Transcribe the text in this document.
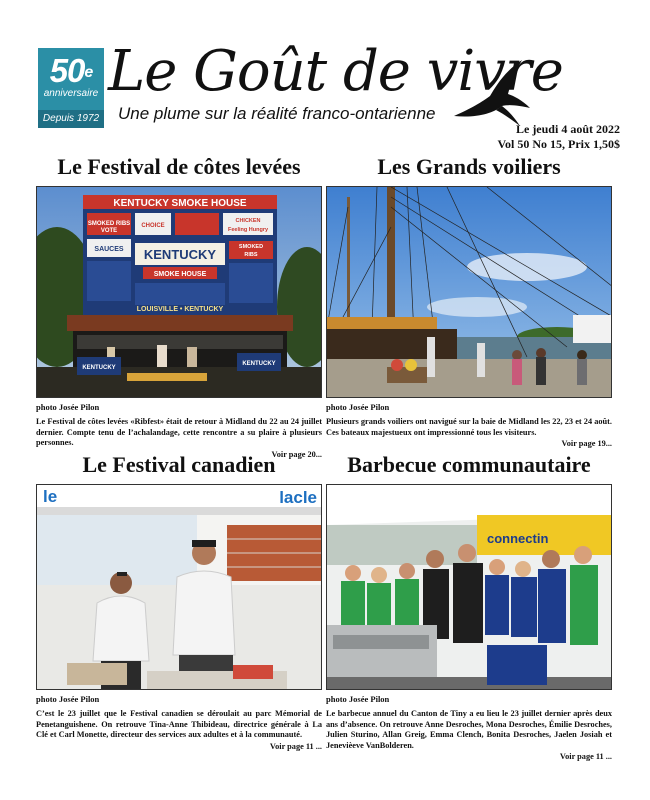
50e
anniversaire
Depuis 1972
Le Goût de vivre
Une plume sur la réalité franco-ontarienne
Le jeudi 4 août 2022
Vol 50 No 15, Prix 1,50$
Le Festival de côtes levées
KENTUCKY SMOKE HOUSE
SMOKED RIBS
VOTE
CHOICE
CHICKEN
Feeling Hungry
SAUCES KENTUCKY
SMOKE HOUSE
SMOKED
RIBS
LOUISVILLE • KENTUCKY
KENTUCKY
KENTUCKY
photo Josée Pilon
Le Festival de côtes levées «Ribfest» était de retour à Midland du 22 au 24 juillet dernier. Compte tenu de l’achalandage, cette rencontre a su plaire à plusieurs personnes.
Voir page 20...
Les Grands voiliers
photo Josée Pilon
Plusieurs grands voiliers ont navigué sur la baie de Midland les 22, 23 et 24 août. Ces bateaux majestueux ont impressionné tous les visiteurs.
Voir page 19...
Le Festival canadien
le	lacle
photo Josée Pilon
C’est le 23 juillet que le Festival canadien se déroulait au parc Mémorial de Penetanguishene. On retrouve Tina-Anne Thibideau, directrice générale à La Clé et Carl Monette, directeur des services aux adultes et à la communauté.
Voir page 11 ...
Barbecue communautaire
connectin
photo Josée Pilon
Le barbecue annuel du Canton de Tiny a eu lieu le 23 juillet dernier après deux ans d’absence. On retrouve Anne Desroches, Mona Desroches, Émilie Desroches, Julien Sturino, Allan Greig, Emma Clench, Bonita Desroches, Jaelen Josiah et Jenevièeve VanBolderen.
Voir page 11 ...
